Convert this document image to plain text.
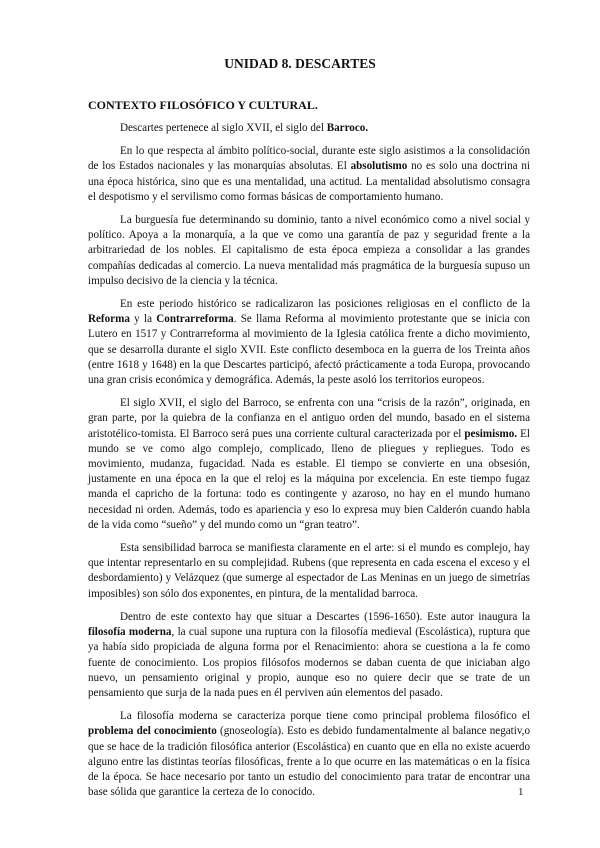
UNIDAD 8. DESCARTES
CONTEXTO FILOSÓFICO Y CULTURAL.

Descartes pertenece al siglo XVII, el siglo del Barroco.

En lo que respecta al ámbito político-social, durante este siglo asistimos a la consolidación de los Estados nacionales y las monarquías absolutas. El absolutismo no es solo una doctrina ni una época histórica, sino que es una mentalidad, una actitud. La mentalidad absolutismo consagra el despotismo y el servilismo como formas básicas de comportamiento humano.

La burguesía fue determinando su dominio, tanto a nivel económico como a nivel social y político. Apoya a la monarquía, a la que ve como una garantía de paz y seguridad frente a la arbitrariedad de los nobles. El capitalismo de esta época empieza a consolidar a las grandes compañías dedicadas al comercio. La nueva mentalidad más pragmática de la burguesía supuso un impulso decisivo de la ciencia y la técnica.

En este periodo histórico se radicalizaron las posiciones religiosas en el conflicto de la Reforma y la Contrarreforma. Se llama Reforma al movimiento protestante que se inicia con Lutero en 1517 y Contrarreforma al movimiento de la Iglesia católica frente a dicho movimiento, que se desarrolla durante el siglo XVII. Este conflicto desemboca en la guerra de los Treinta años (entre 1618 y 1648) en la que Descartes participó, afectó prácticamente a toda Europa, provocando una gran crisis económica y demográfica. Además, la peste asoló los territorios europeos.

El siglo XVII, el siglo del Barroco, se enfrenta con una “crisis de la razón”, originada, en gran parte, por la quiebra de la confianza en el antiguo orden del mundo, basado en el sistema aristotélico-tomista. El Barroco será pues una corriente cultural caracterizada por el pesimismo. El mundo se ve como algo complejo, complicado, lleno de pliegues y repliegues. Todo es movimiento, mudanza, fugacidad. Nada es estable. El tiempo se convierte en una obsesión, justamente en una época en la que el reloj es la máquina por excelencia. En este tiempo fugaz manda el capricho de la fortuna: todo es contingente y azaroso, no hay en el mundo humano necesidad ni orden. Además, todo es apariencia y eso lo expresa muy bien Calderón cuando habla de la vida como “sueño” y del mundo como un “gran teatro”.

Esta sensibilidad barroca se manifiesta claramente en el arte: si el mundo es complejo, hay que intentar representarlo en su complejidad. Rubens (que representa en cada escena el exceso y el desbordamiento) y Velázquez (que sumerge al espectador de Las Meninas en un juego de simetrías imposibles) son sólo dos exponentes, en pintura, de la mentalidad barroca.

Dentro de este contexto hay que situar a Descartes (1596-1650). Este autor inaugura la filosofía moderna, la cual supone una ruptura con la filosofía medieval (Escolástica), ruptura que ya había sido propiciada de alguna forma por el Renacimiento: ahora se cuestiona a la fe como fuente de conocimiento. Los propios filósofos modernos se daban cuenta de que iniciaban algo nuevo, un pensamiento original y propio, aunque eso no quiere decir que se trate de un pensamiento que surja de la nada pues en él perviven aún elementos del pasado.

La filosofía moderna se caracteriza porque tiene como principal problema filosófico el problema del conocimiento (gnoseología). Esto es debido fundamentalmente al balance negativ,o que se hace de la tradición filosófica anterior (Escolástica) en cuanto que en ella no existe acuerdo alguno entre las distintas teorías filosóficas, frente a lo que ocurre en las matemáticas o en la física de la época. Se hace necesario por tanto un estudio del conocimiento para tratar de encontrar una base sólida que garantice la certeza de lo conocido.	1
